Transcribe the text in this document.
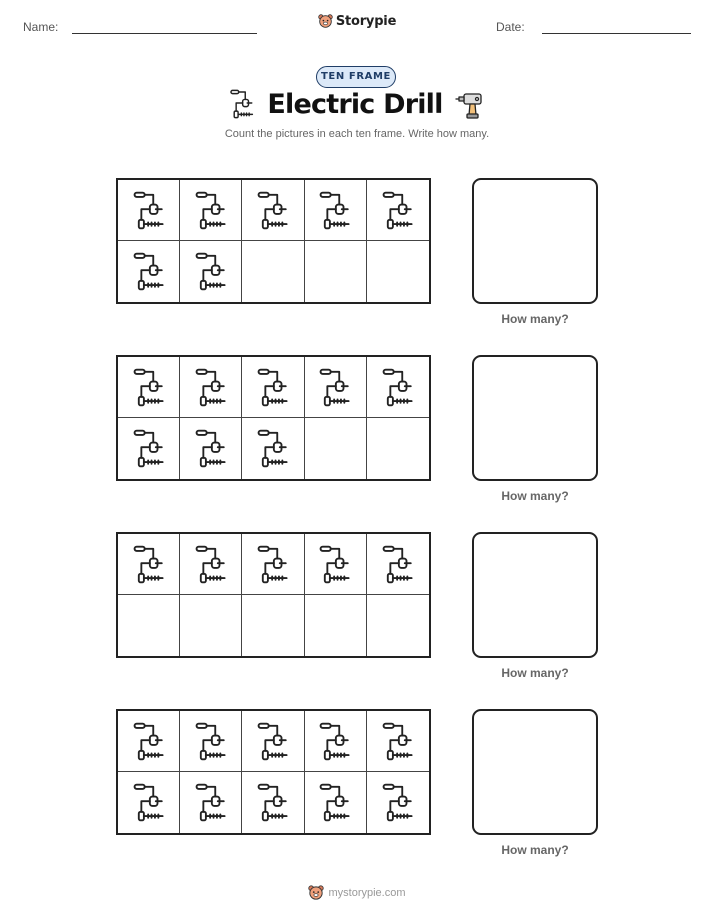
Name:	Storypie	Date:
TEN FRAME
Electric Drill
Count the pictures in each ten frame. Write how many.
How many?
How many?
How many?
How many?
mystorypie.com
